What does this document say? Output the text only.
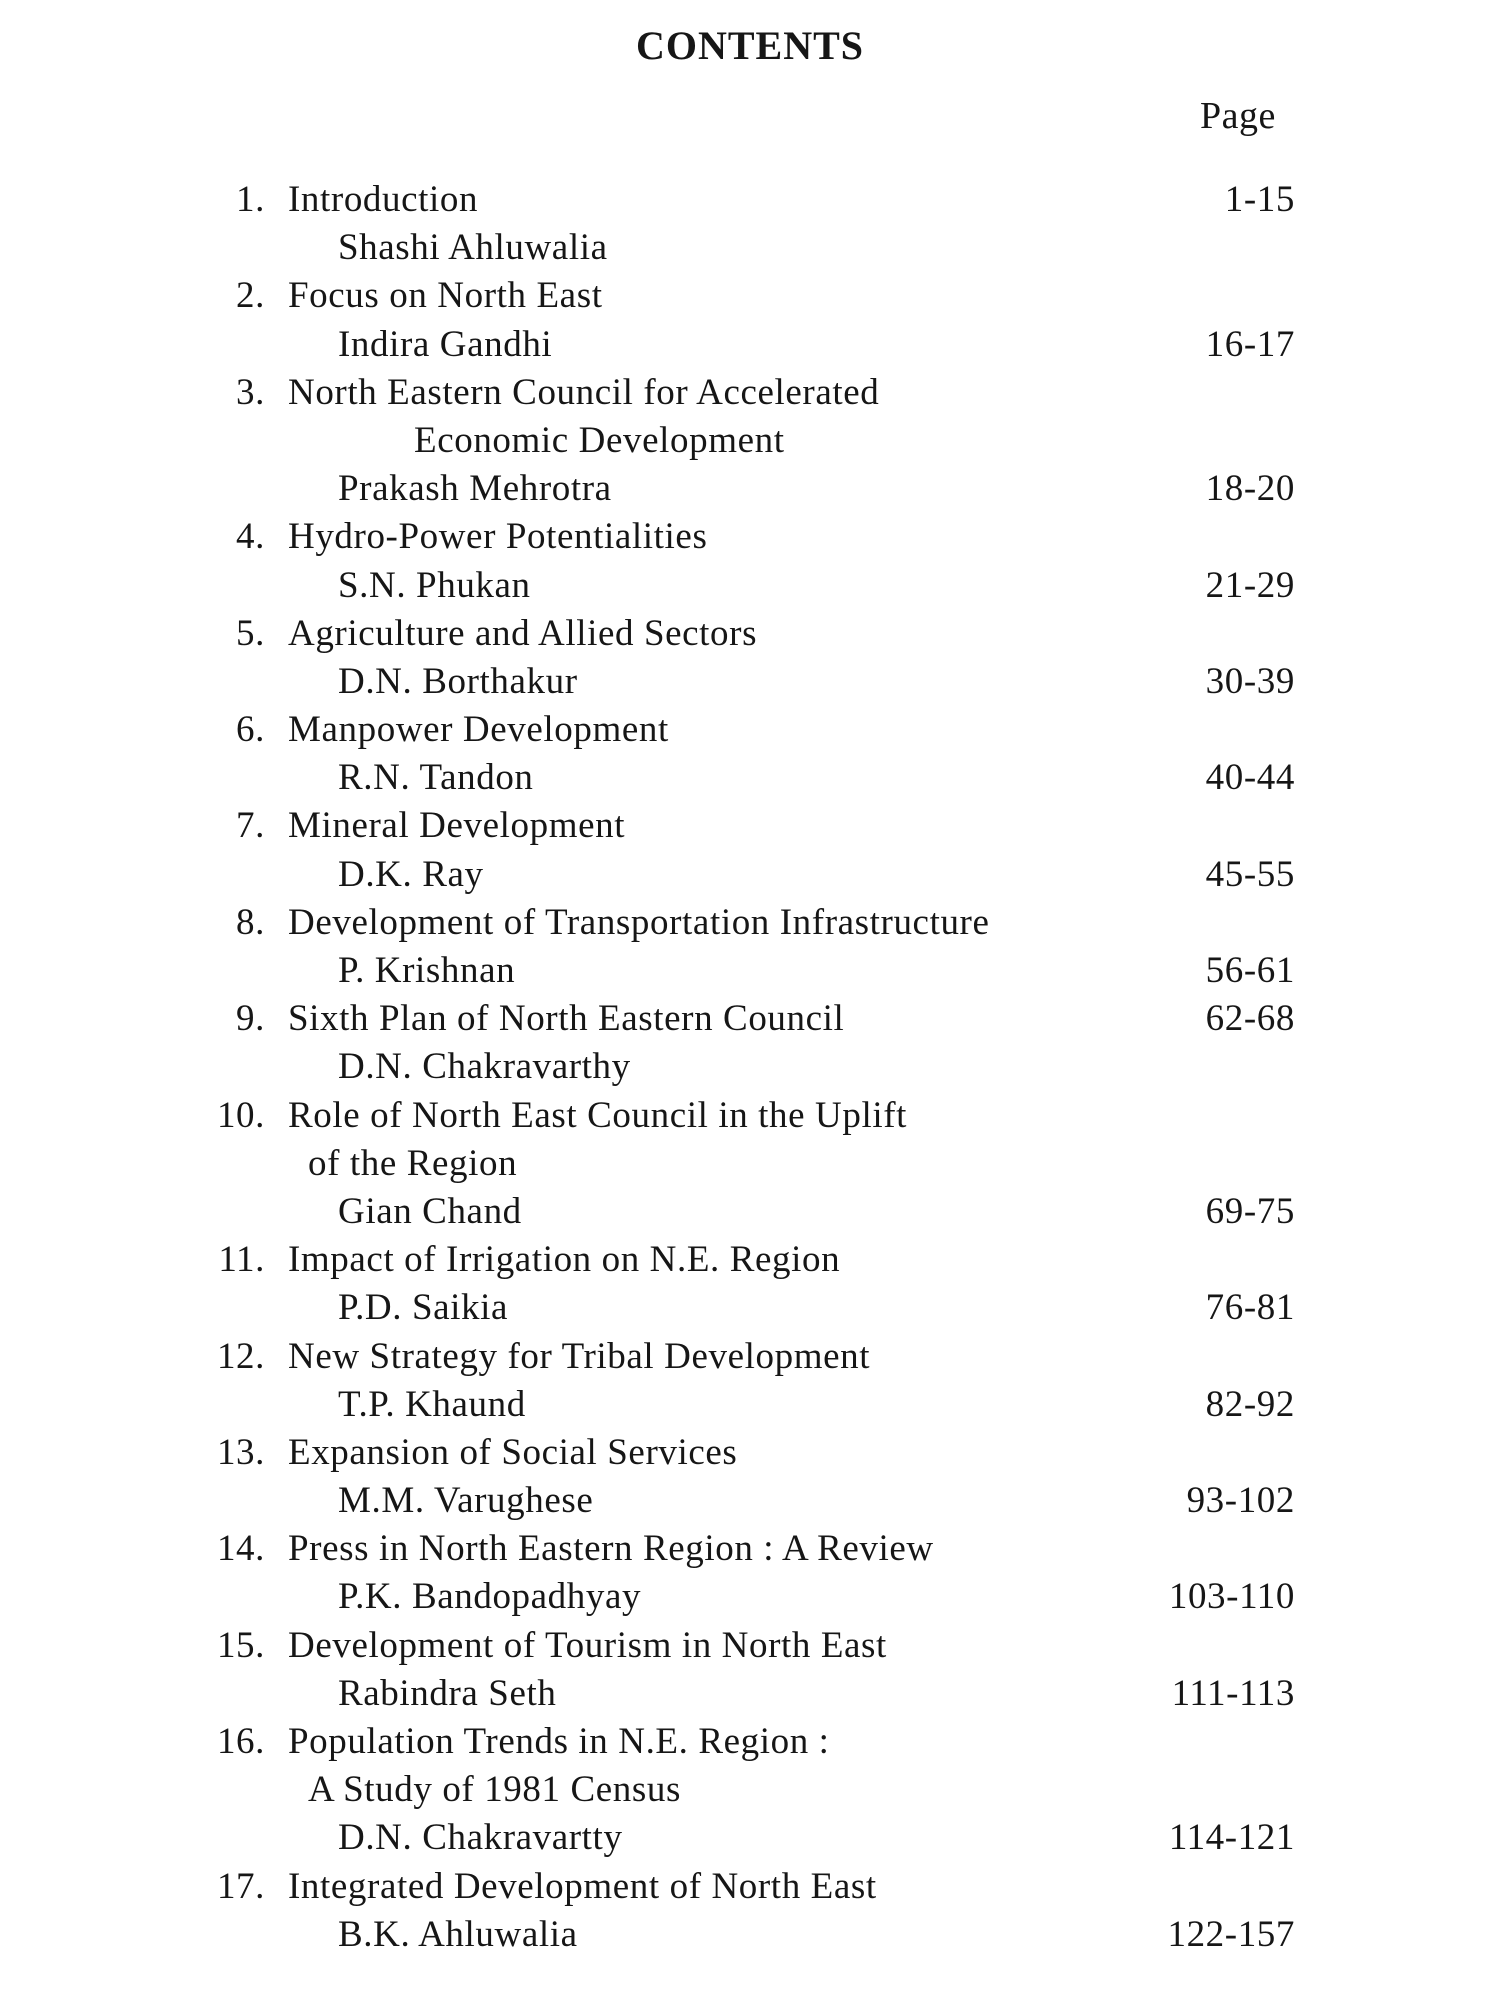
CONTENTS
Page
1. Introduction	1-15
Shashi Ahluwalia
2. Focus on North East
Indira Gandhi	16-17
3. North Eastern Council for Accelerated
Economic Development
Prakash Mehrotra	18-20
4. Hydro-Power Potentialities
S.N. Phukan	21-29
5. Agriculture and Allied Sectors
D.N. Borthakur	30-39
6. Manpower Development
R.N. Tandon	40-44
7. Mineral Development
D.K. Ray	45-55
8. Development of Transportation Infrastructure
P. Krishnan	56-61
9. Sixth Plan of North Eastern Council	62-68
D.N. Chakravarthy
10. Role of North East Council in the Uplift
of the Region
Gian Chand	69-75
11. Impact of Irrigation on N.E. Region
P.D. Saikia	76-81
12. New Strategy for Tribal Development
T.P. Khaund	82-92
13. Expansion of Social Services
M.M. Varughese	93-102
14. Press in North Eastern Region : A Review
P.K. Bandopadhyay	103-110
15. Development of Tourism in North East
Rabindra Seth	111-113
16. Population Trends in N.E. Region :
A Study of 1981 Census
D.N. Chakravartty	114-121
17. Integrated Development of North East
B.K. Ahluwalia	122-157
